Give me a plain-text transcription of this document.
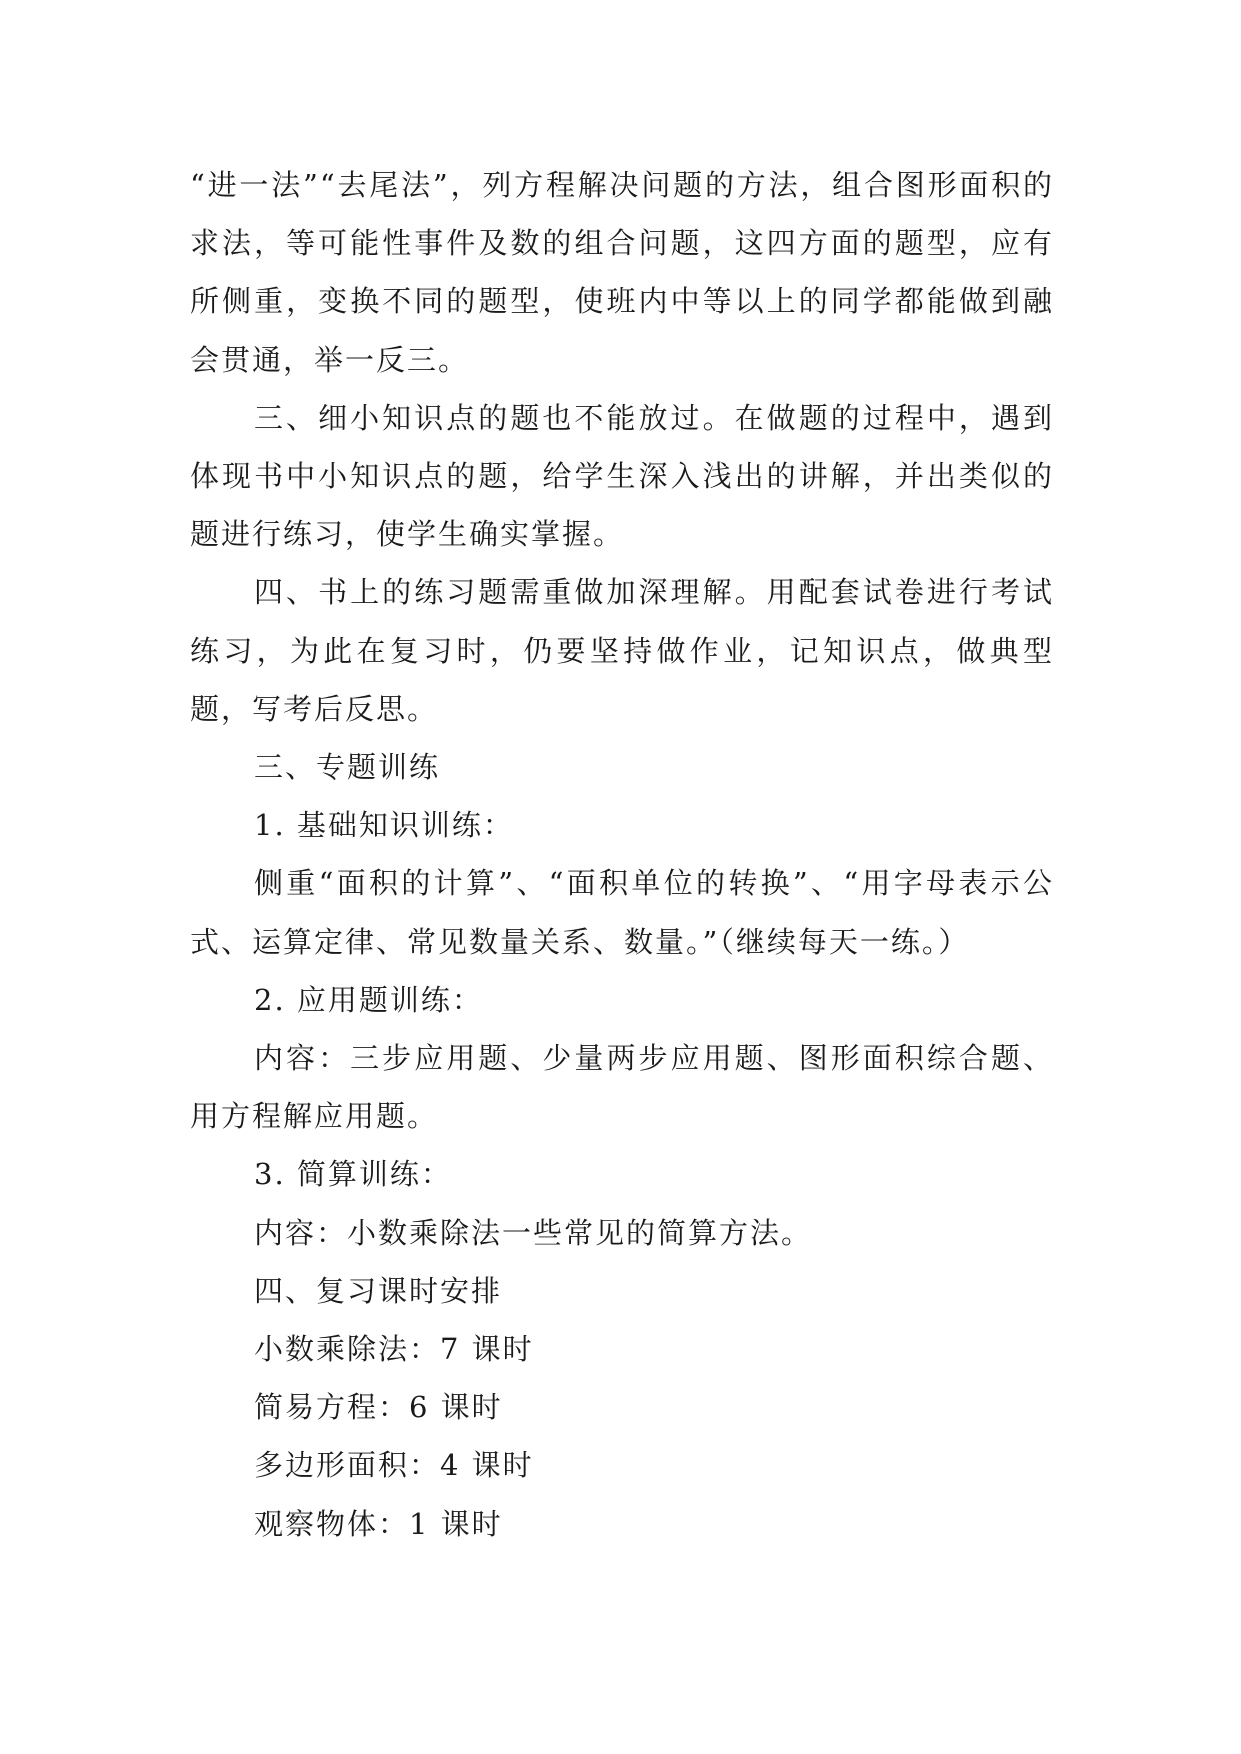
“进一法”“去尾法”，列方程解决问题的方法，组合图形面积的求法，等可能性事件及数的组合问题，这四方面的题型，应有所侧重，变换不同的题型，使班内中等以上的同学都能做到融会贯通，举一反三。

三、细小知识点的题也不能放过。在做题的过程中，遇到体现书中小知识点的题，给学生深入浅出的讲解，并出类似的题进行练习，使学生确实掌握。

四、书上的练习题需重做加深理解。用配套试卷进行考试练习，为此在复习时，仍要坚持做作业，记知识点，做典型题，写考后反思。

三、专题训练

1. 基础知识训练：

侧重“面积的计算”、“面积单位的转换”、“用字母表示公式、运算定律、常见数量关系、数量。”（继续每天一练。）

2. 应用题训练：

内容：三步应用题、少量两步应用题、图形面积综合题、用方程解应用题。

3. 简算训练：

内容：小数乘除法一些常见的简算方法。

四、复习课时安排

小数乘除法：7 课时

简易方程：6 课时

多边形面积：4 课时

观察物体：1 课时
